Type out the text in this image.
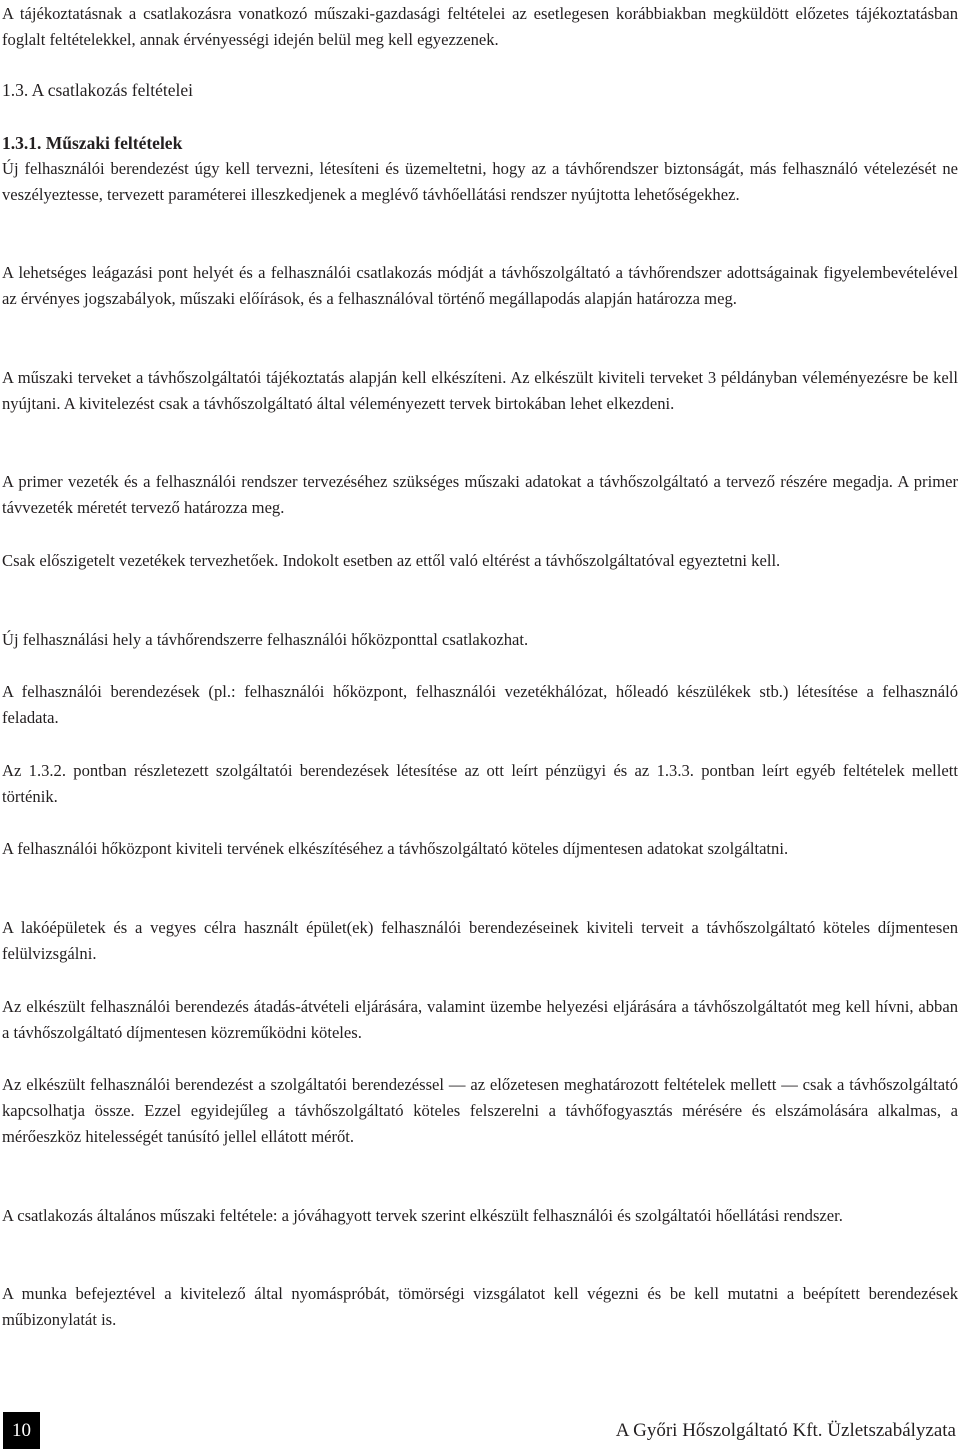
A tájékoztatásnak a csatlakozásra vonatkozó műszaki-gazdasági feltételei az esetlegesen korábbiakban megküldött előzetes tájékoztatásban foglalt feltételekkel, annak érvényességi idején belül meg kell egyezzenek.

1.3. A csatlakozás feltételei
1.3.1. Műszaki feltételek

Új felhasználói berendezést úgy kell tervezni, létesíteni és üzemeltetni, hogy az a távhőrendszer biztonságát, más felhasználó vételezését ne veszélyeztesse, tervezett paraméterei illeszkedjenek a meglévő távhőellátási rendszer nyújtotta lehetőségekhez.

A lehetséges leágazási pont helyét és a felhasználói csatlakozás módját a távhőszolgáltató a távhőrendszer adottságainak figyelembevételével az érvényes jogszabályok, műszaki előírások, és a felhasználóval történő megállapodás alapján határozza meg.

A műszaki terveket a távhőszolgáltatói tájékoztatás alapján kell elkészíteni. Az elkészült kiviteli terveket 3 példányban véleményezésre be kell nyújtani. A kivitelezést csak a távhőszolgáltató által véleményezett tervek birtokában lehet elkezdeni.

A primer vezeték és a felhasználói rendszer tervezéséhez szükséges műszaki adatokat a távhőszolgáltató a tervező részére megadja. A primer távvezeték méretét tervező határozza meg.

Csak előszigetelt vezetékek tervezhetőek. Indokolt esetben az ettől való eltérést a távhőszolgáltatóval egyeztetni kell.

Új felhasználási hely a távhőrendszerre felhasználói hőközponttal csatlakozhat.

A felhasználói berendezések (pl.: felhasználói hőközpont, felhasználói vezetékhálózat, hőleadó készülékek stb.) létesítése a felhasználó feladata.

Az 1.3.2. pontban részletezett szolgáltatói berendezések létesítése az ott leírt pénzügyi és az 1.3.3. pontban leírt egyéb feltételek mellett történik.

A felhasználói hőközpont kiviteli tervének elkészítéséhez a távhőszolgáltató köteles díjmentesen adatokat szolgáltatni.

A lakóépületek és a vegyes célra használt épület(ek) felhasználói berendezéseinek kiviteli terveit a távhőszolgáltató köteles díjmentesen felülvizsgálni.

Az elkészült felhasználói berendezés átadás-átvételi eljárására, valamint üzembe helyezési eljárására a távhőszolgáltatót meg kell hívni, abban a távhőszolgáltató díjmentesen közreműködni köteles.

Az elkészült felhasználói berendezést a szolgáltatói berendezéssel — az előzetesen meghatározott feltételek mellett — csak a távhőszolgáltató kapcsolhatja össze. Ezzel egyidejűleg a távhőszolgáltató köteles felszerelni a távhőfogyasztás mérésére és elszámolására alkalmas, a mérőeszköz hitelességét tanúsító jellel ellátott mérőt.

A csatlakozás általános műszaki feltétele: a jóváhagyott tervek szerint elkészült felhasználói és szolgáltatói hőellátási rendszer.

A munka befejeztével a kivitelező által nyomáspróbát, tömörségi vizsgálatot kell végezni és be kell mutatni a beépített berendezések műbizonylatát is.

10	A Győri Hőszolgáltató Kft. Üzletszabályzata
